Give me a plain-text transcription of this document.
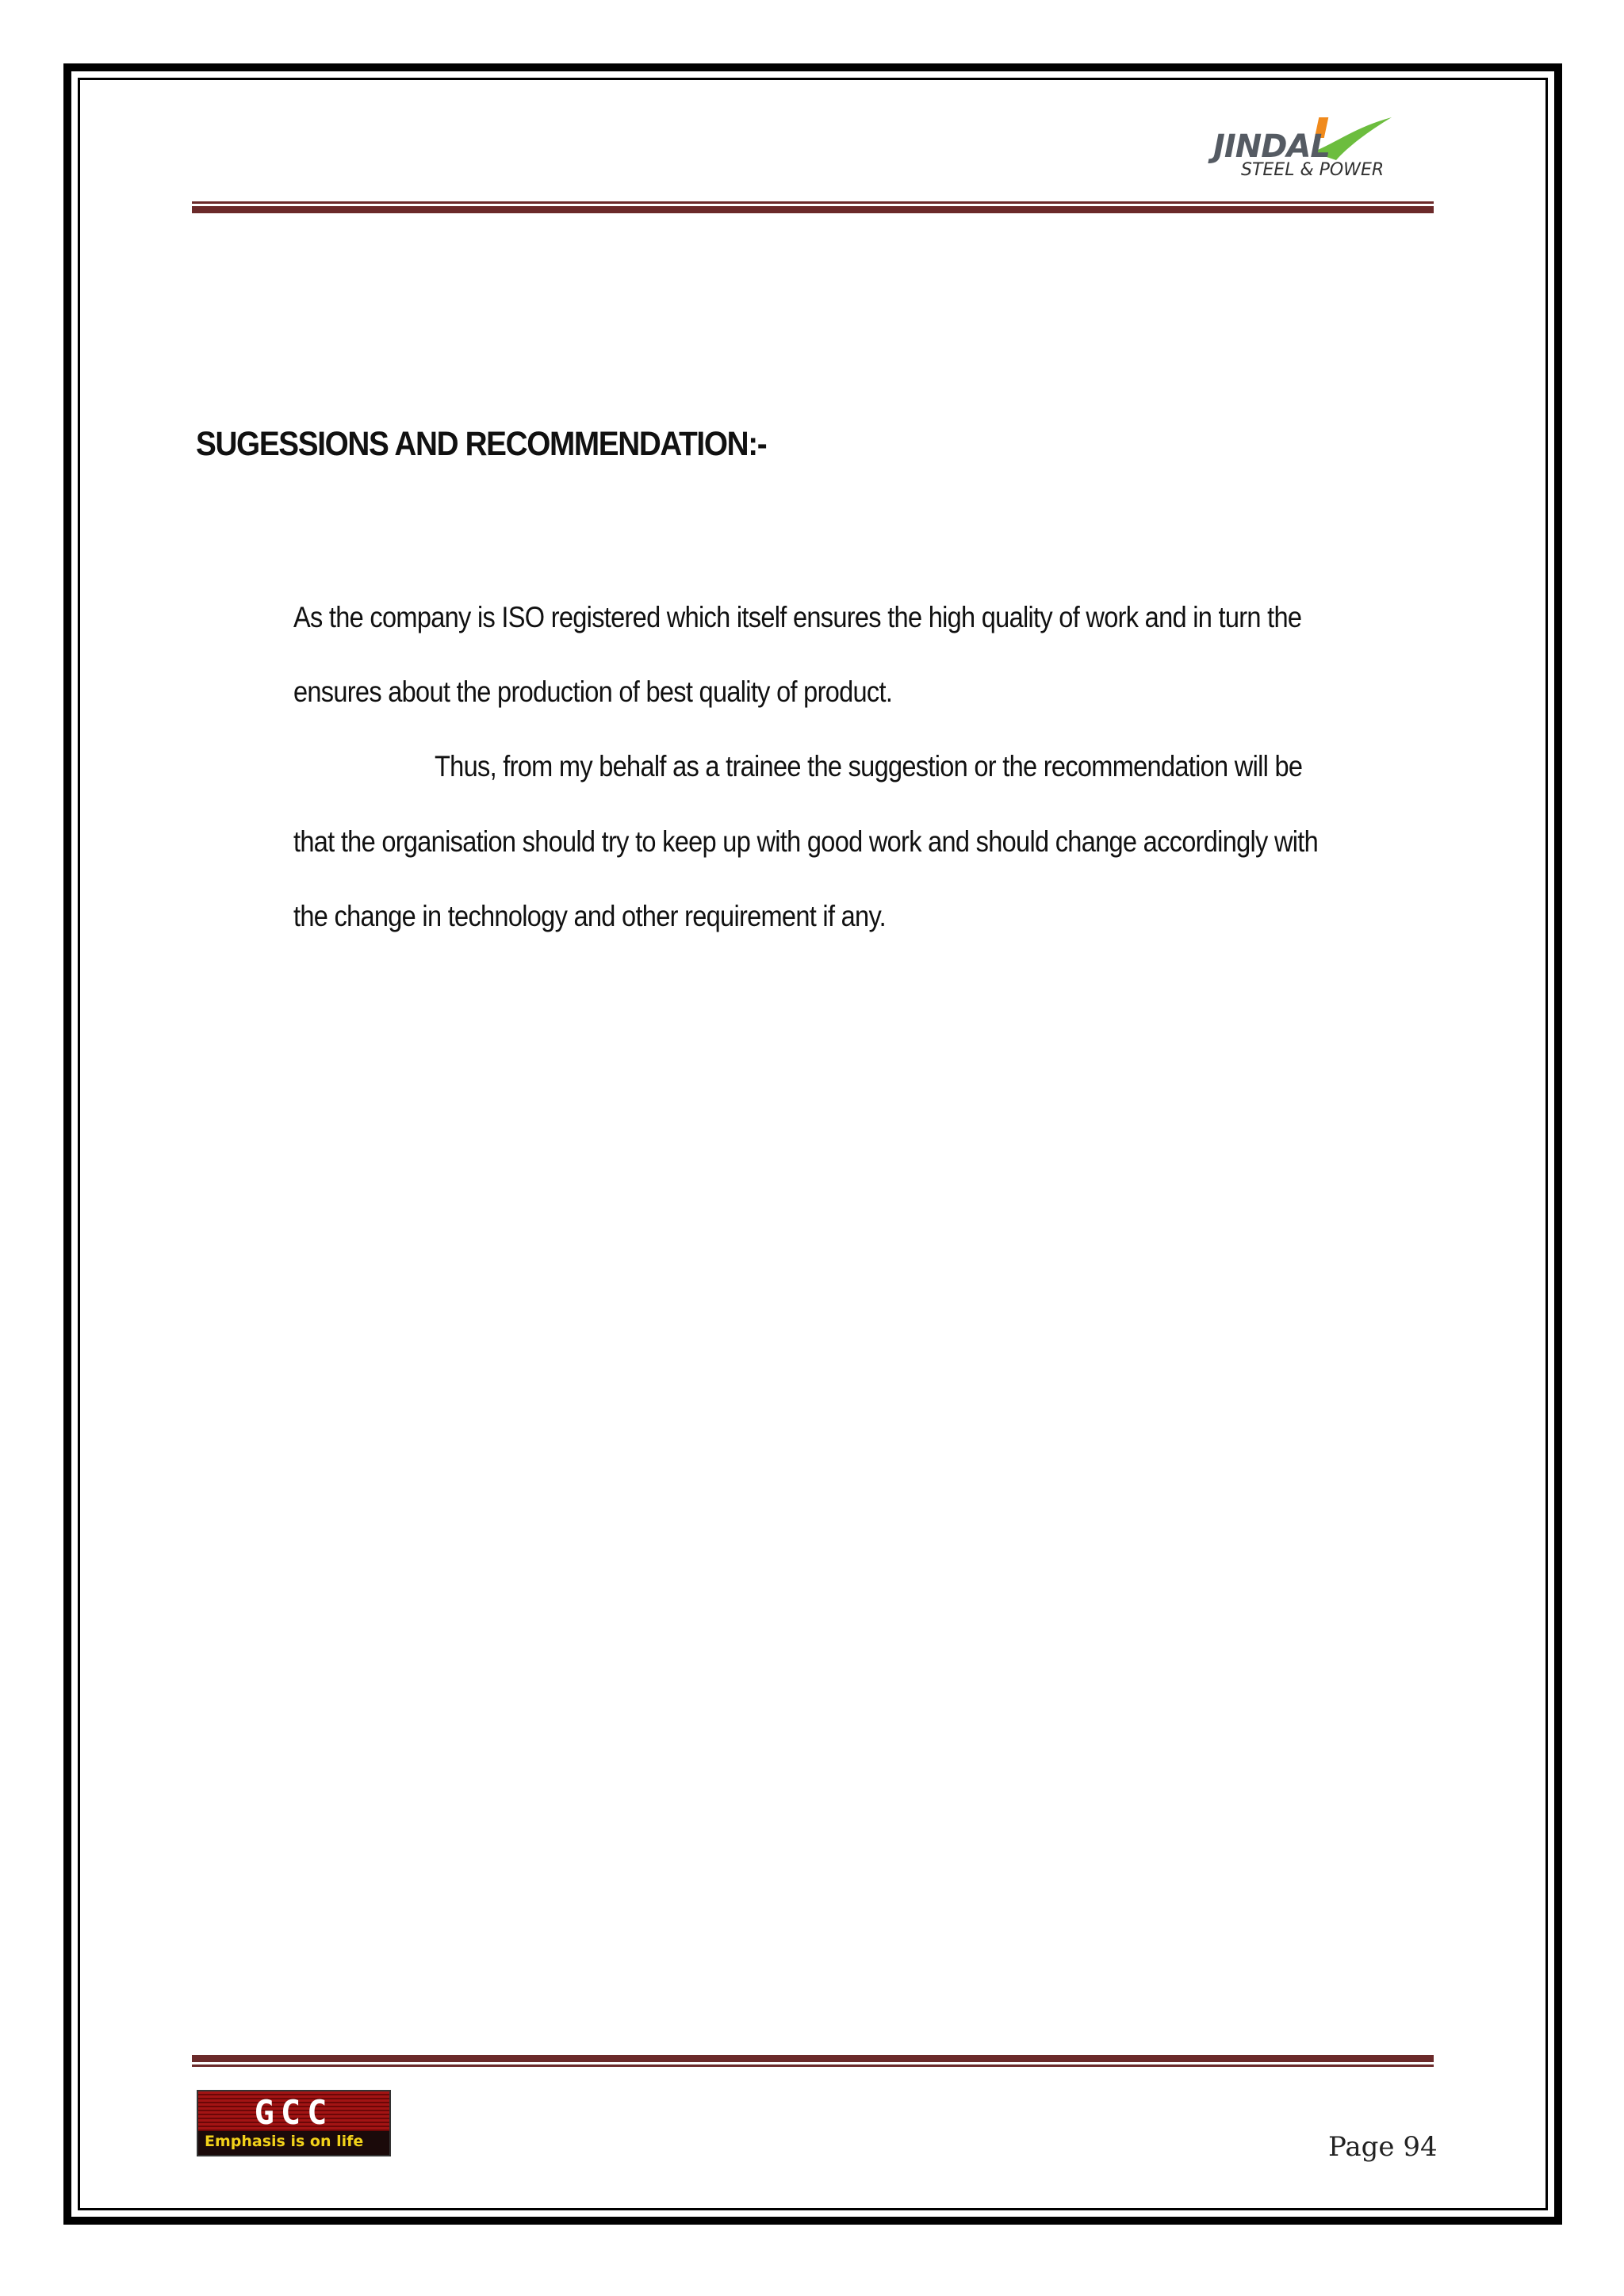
JINDAL
STEEL & POWER
SUGESSIONS AND RECOMMENDATION:-
As the company is ISO registered which itself ensures the high quality of work and in turn the
ensures about the production of best quality of product.
Thus, from my behalf as a trainee the suggestion or the recommendation will be
that the organisation should try to keep up with good work and should change accordingly with
the change in technology and other requirement if any.
GCC
Emphasis is on life	Page 94
